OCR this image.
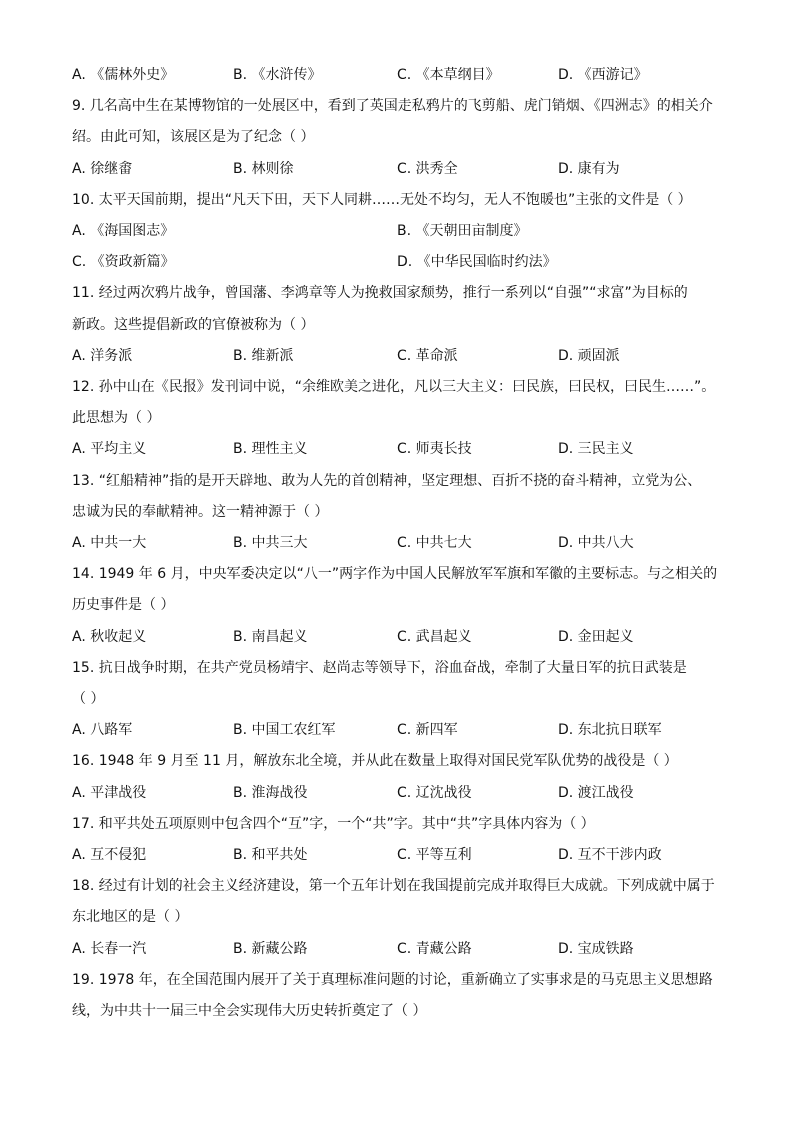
A. 《儒林外史》	B. 《水浒传》	C. 《本草纲目》	D. 《西游记》
9. 几名高中生在某博物馆的一处展区中，看到了英国走私鸦片的飞剪船、虎门销烟、《四洲志》的相关介
绍。由此可知，该展区是为了纪念（ ）
A. 徐继畬	B. 林则徐	C. 洪秀全	D. 康有为
10. 太平天国前期，提出“凡天下田，天下人同耕……无处不均匀，无人不饱暖也”主张的文件是（ ）
A. 《海国图志》	B. 《天朝田亩制度》
C. 《资政新篇》	D. 《中华民国临时约法》
11. 经过两次鸦片战争，曾国藩、李鸿章等人为挽救国家颓势，推行一系列以“自强”“求富”为目标的
新政。这些提倡新政的官僚被称为（ ）
A. 洋务派	B. 维新派	C. 革命派	D. 顽固派
12. 孙中山在《民报》发刊词中说，“余维欧美之进化，凡以三大主义：曰民族，曰民权，曰民生……”。
此思想为（ ）
A. 平均主义	B. 理性主义	C. 师夷长技	D. 三民主义
13. “红船精神”指的是开天辟地、敢为人先的首创精神，坚定理想、百折不挠的奋斗精神，立党为公、
忠诚为民的奉献精神。这一精神源于（ ）
A. 中共一大	B. 中共三大	C. 中共七大	D. 中共八大
14. 1949 年 6 月，中央军委决定以“八一”两字作为中国人民解放军军旗和军徽的主要标志。与之相关的
历史事件是（ ）
A. 秋收起义	B. 南昌起义	C. 武昌起义	D. 金田起义
15. 抗日战争时期，在共产党员杨靖宇、赵尚志等领导下，浴血奋战，牵制了大量日军的抗日武装是
（ ）
A. 八路军	B. 中国工农红军	C. 新四军	D. 东北抗日联军
16. 1948 年 9 月至 11 月，解放东北全境，并从此在数量上取得对国民党军队优势的战役是（ ）
A. 平津战役	B. 淮海战役	C. 辽沈战役	D. 渡江战役
17. 和平共处五项原则中包含四个“互”字，一个“共”字。其中“共”字具体内容为（ ）
A. 互不侵犯	B. 和平共处	C. 平等互利	D. 互不干涉内政
18. 经过有计划的社会主义经济建设，第一个五年计划在我国提前完成并取得巨大成就。下列成就中属于
东北地区的是（ ）
A. 长春一汽	B. 新藏公路	C. 青藏公路	D. 宝成铁路
19. 1978 年，在全国范围内展开了关于真理标准问题的讨论，重新确立了实事求是的马克思主义思想路
线，为中共十一届三中全会实现伟大历史转折奠定了（ ）
